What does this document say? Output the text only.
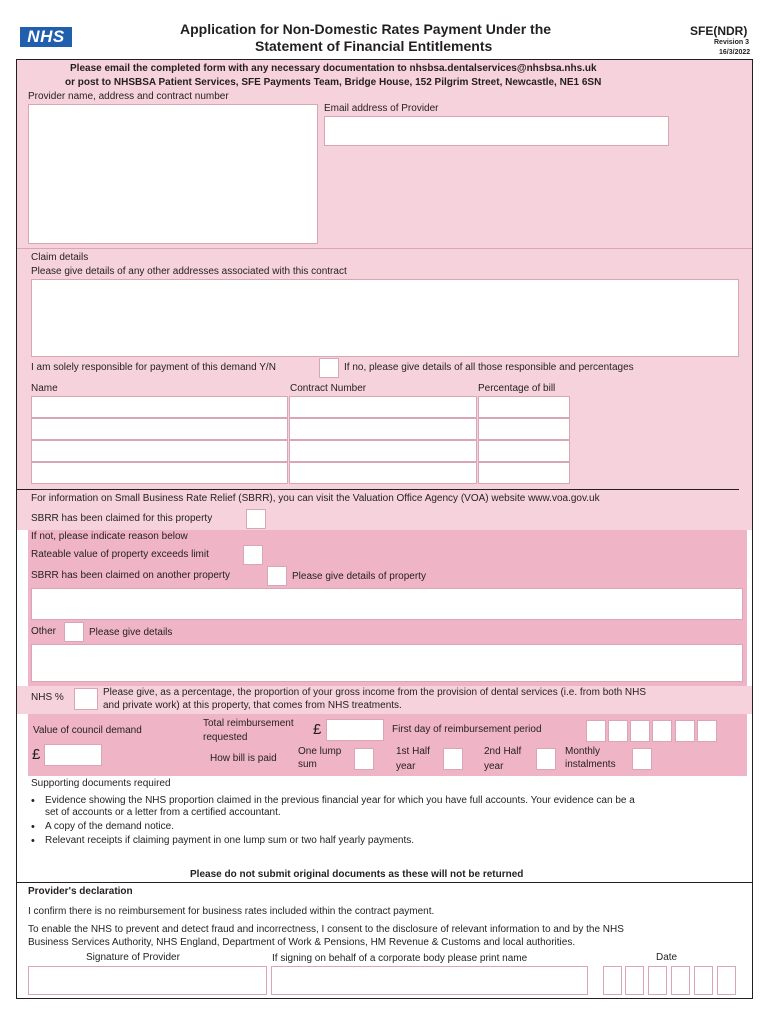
NHS	Application for Non-Domestic Rates Payment Under the
Statement of Financial Entitlements
SFE(NDR)
Revision 3
16/3/2022
Please email the completed form with any necessary documentation to nhsbsa.dentalservices@nhsbsa.nhs.uk
or post to NHSBSA Patient Services, SFE Payments Team, Bridge House, 152 Pilgrim Street, Newcastle, NE1 6SN
Provider name, address and contract number
Email address of Provider
Claim details
Please give details of any other addresses associated with this contract
I am solely responsible for payment of this demand Y/N	If no, please give details of all those responsible and percentages
Name	Contract Number	Percentage of bill
For information on Small Business Rate Relief (SBRR), you can visit the Valuation Office Agency (VOA) website www.voa.gov.uk
SBRR has been claimed for this property
If not, please indicate reason below
Rateable value of property exceeds limit
SBRR has been claimed on another property	Please give details of property
Other	Please give details
NHS %	Please give, as a percentage, the proportion of your gross income from the provision of dental services (i.e. from both NHS
and private work) at this property, that comes from NHS treatments.
Value of council demand
£
Total reimbursement
requested	£	First day of reimbursement period
How bill is paid
One lump
sum
1st Half
year
2nd Half
year
Monthly
instalments
Supporting documents required
• Evidence showing the NHS proportion claimed in the previous financial year for which you have full accounts. Your evidence can be a
set of accounts or a letter from a certified accountant.
• A copy of the demand notice.
• Relevant receipts if claiming payment in one lump sum or two half yearly payments.
Please do not submit original documents as these will not be returned
Provider's declaration
I confirm there is no reimbursement for business rates included within the contract payment.
To enable the NHS to prevent and detect fraud and incorrectness, I consent to the disclosure of relevant information to and by the NHS
Business Services Authority, NHS England, Department of Work & Pensions, HM Revenue & Customs and local authorities.
Signature of Provider	If signing on behalf of a corporate body please print name	Date
